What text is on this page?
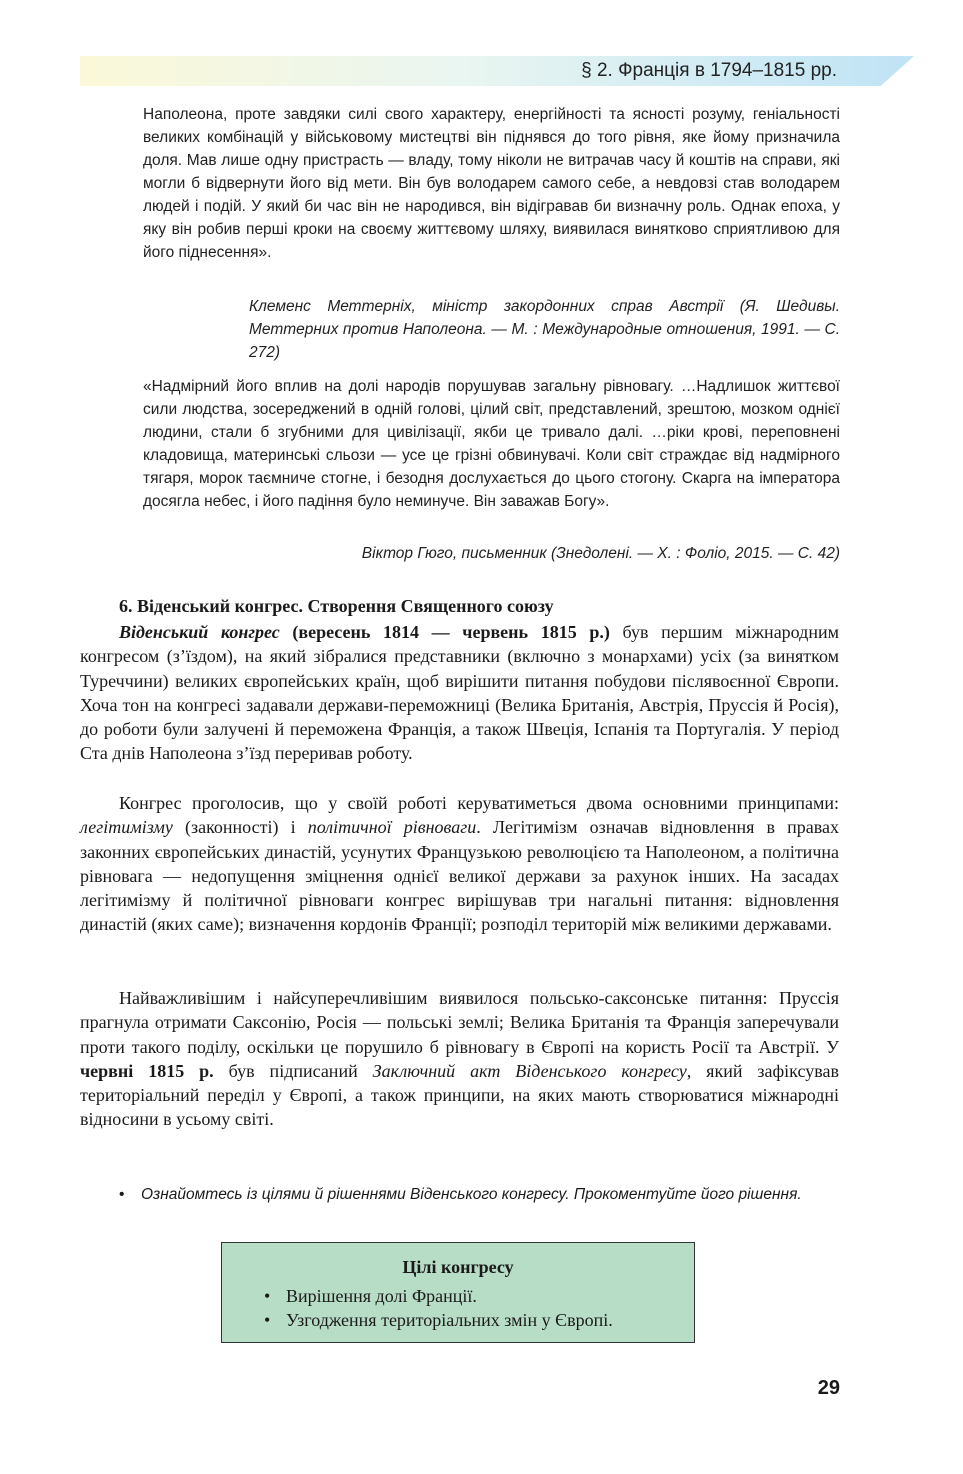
§ 2. Франція в 1794–1815 рр.

Наполеона, проте завдяки силі свого характеру, енергійності та ясності розуму, геніальності великих комбінацій у військовому мистецтві він піднявся до того рівня, яке йому призначила доля. Мав лише одну пристрасть — владу, тому ніколи не витрачав часу й коштів на справи, які могли б відвернути його від мети. Він був володарем самого себе, а невдовзі став володарем людей і подій. У який би час він не народився, він відігравав би визначну роль. Однак епоха, у яку він робив перші кроки на своєму життєвому шляху, виявилася винятково сприятливою для його піднесення».

Клеменс Меттерніх, міністр закордонних справ Австрії (Я. Шедивы. Меттерних против Наполеона. — М. : Международные отношения, 1991. — С. 272)

«Надмірний його вплив на долі народів порушував загальну рівновагу. …Надлишок життєвої сили людства, зосереджений в одній голові, цілий світ, представлений, зрештою, мозком однієї людини, стали б згубними для цивілізації, якби це тривало далі. …ріки крові, переповнені кладовища, материнські сльози — усе це грізні обвинувачі. Коли світ страждає від надмірного тягаря, морок таємниче стогне, і безодня дослухається до цього стогону. Скарга на імператора досягла небес, і його падіння було неминуче. Він заважав Богу».

Віктор Гюго, письменник (Знедолені. — Х. : Фоліо, 2015. — С. 42)

6. Віденський конгрес. Створення Священного союзу

Віденський конгрес (вересень 1814 — червень 1815 р.) був першим міжнародним конгресом (з’їздом), на який зібралися представники (включно з монархами) усіх (за винятком Туреччини) великих європейських країн, щоб вирішити питання побудови післявоєнної Європи. Хоча тон на конгресі задавали держави-переможниці (Велика Британія, Австрія, Пруссія й Росія), до роботи були залучені й переможена Франція, а також Швеція, Іспанія та Португалія. У період Ста днів Наполеона з’їзд переривав роботу.

Конгрес проголосив, що у своїй роботі керуватиметься двома основними принципами: легітимізму (законності) і політичної рівноваги. Легітимізм означав відновлення в правах законних європейських династій, усунутих Французькою революцією та Наполеоном, а політична рівновага — недопущення зміцнення однієї великої держави за рахунок інших. На засадах легітимізму й політичної рівноваги конгрес вирішував три нагальні питання: відновлення династій (яких саме); визначення кордонів Франції; розподіл територій між великими державами.

Найважливішим і найсуперечливішим виявилося польсько-саксонське питання: Пруссія прагнула отримати Саксонію, Росія — польські землі; Велика Британія та Франція заперечували проти такого поділу, оскільки це порушило б рівновагу в Європі на користь Росії та Австрії. У червні 1815 р. був підписаний Заключний акт Віденського конгресу, який зафіксував територіальний переділ у Європі, а також принципи, на яких мають створюватися міжнародні відносини в усьому світі.

•	Ознайомтесь із цілями й рішеннями Віденського конгресу. Прокоментуйте його рішення.
Цілі конгресу
• Вирішення долі Франції.
• Узгодження територіальних змін у Європі.
29
